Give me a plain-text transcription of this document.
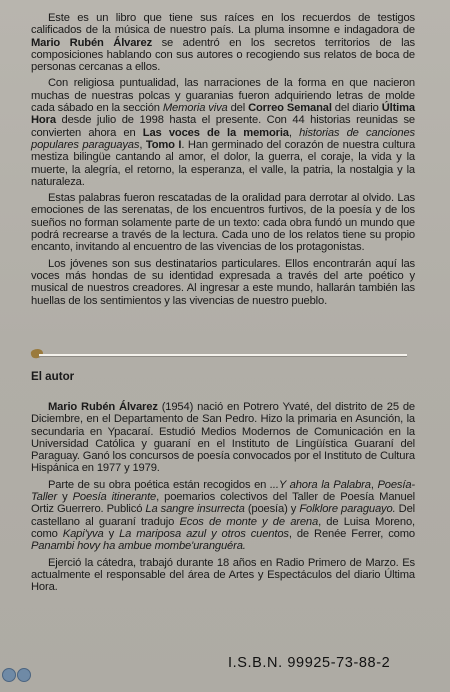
Este es un libro que tiene sus raíces en los recuerdos de testigos calificados de la música de nuestro país. La pluma insomne e indagadora de Mario Rubén Álvarez se adentró en los secretos territorios de las composiciones hablando con sus autores o recogiendo sus relatos de boca de personas cercanas a ellos.

Con religiosa puntualidad, las narraciones de la forma en que nacieron muchas de nuestras polcas y guaranias fueron adquiriendo letras de molde cada sábado en la sección Memoria viva del Correo Semanal del diario Última Hora desde julio de 1998 hasta el presente. Con 44 historias reunidas se convierten ahora en Las voces de la memoria, historias de canciones populares paraguayas, Tomo I. Han germinado del corazón de nuestra cultura mestiza bilingüe cantando al amor, el dolor, la guerra, el coraje, la vida y la muerte, la alegría, el retorno, la esperanza, el valle, la patria, la nostalgia y la naturaleza.

Estas palabras fueron rescatadas de la oralidad para derrotar al olvido. Las emociones de las serenatas, de los encuentros furtivos, de la poesía y de los sueños no forman solamente parte de un texto: cada obra fundó un mundo que podrá recrearse a través de la lectura. Cada uno de los relatos tiene su propio encanto, invitando al encuentro de las vivencias de los protagonistas.

Los jóvenes son sus destinatarios particulares. Ellos encontrarán aquí las voces más hondas de su identidad expresada a través del arte poético y musical de nuestros creadores. Al ingresar a este mundo, hallarán también las huellas de los sentimientos y las vivencias de nuestro pueblo.

El autor

Mario Rubén Álvarez (1954) nació en Potrero Yvaté, del distrito de 25 de Diciembre, en el Departamento de San Pedro. Hizo la primaria en Asunción, la secundaria en Ypacaraí. Estudió Medios Modernos de Comunicación en la Universidad Católica y guaraní en el Instituto de Lingüística Guaraní del Paraguay. Ganó los concursos de poesía convocados por el Instituto de Cultura Hispánica en 1977 y 1979.

Parte de su obra poética están recogidos en ...Y ahora la Palabra, Poesía-Taller y Poesía itinerante, poemarios colectivos del Taller de Poesía Manuel Ortiz Guerrero. Publicó La sangre insurrecta (poesía) y Folklore paraguayo. Del castellano al guaraní tradujo Ecos de monte y de arena, de Luisa Moreno, como Kapi'yva y La mariposa azul y otros cuentos, de Renée Ferrer, como Panambi hovy ha ambue mombe'uranguéra.

Ejerció la cátedra, trabajó durante 18 años en Radio Primero de Marzo. Es actualmente el responsable del área de Artes y Espectáculos del diario Última Hora.

I.S.B.N. 99925-73-88-2
